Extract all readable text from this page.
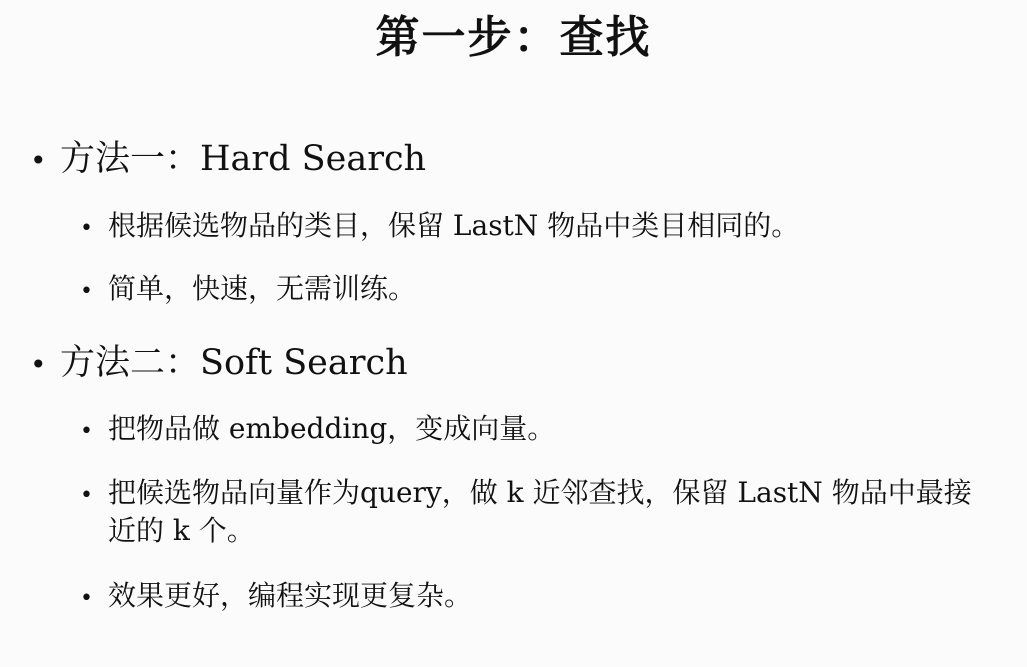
第一步：查找
• 方法一：Hard Search
• 根据候选物品的类目，保留 LastN 物品中类目相同的。
• 简单，快速，无需训练。
• 方法二：Soft Search
• 把物品做 embedding，变成向量。
• 把候选物品向量作为query，做 k 近邻查找，保留 LastN 物品中最接近的 k 个。
• 效果更好，编程实现更复杂。
